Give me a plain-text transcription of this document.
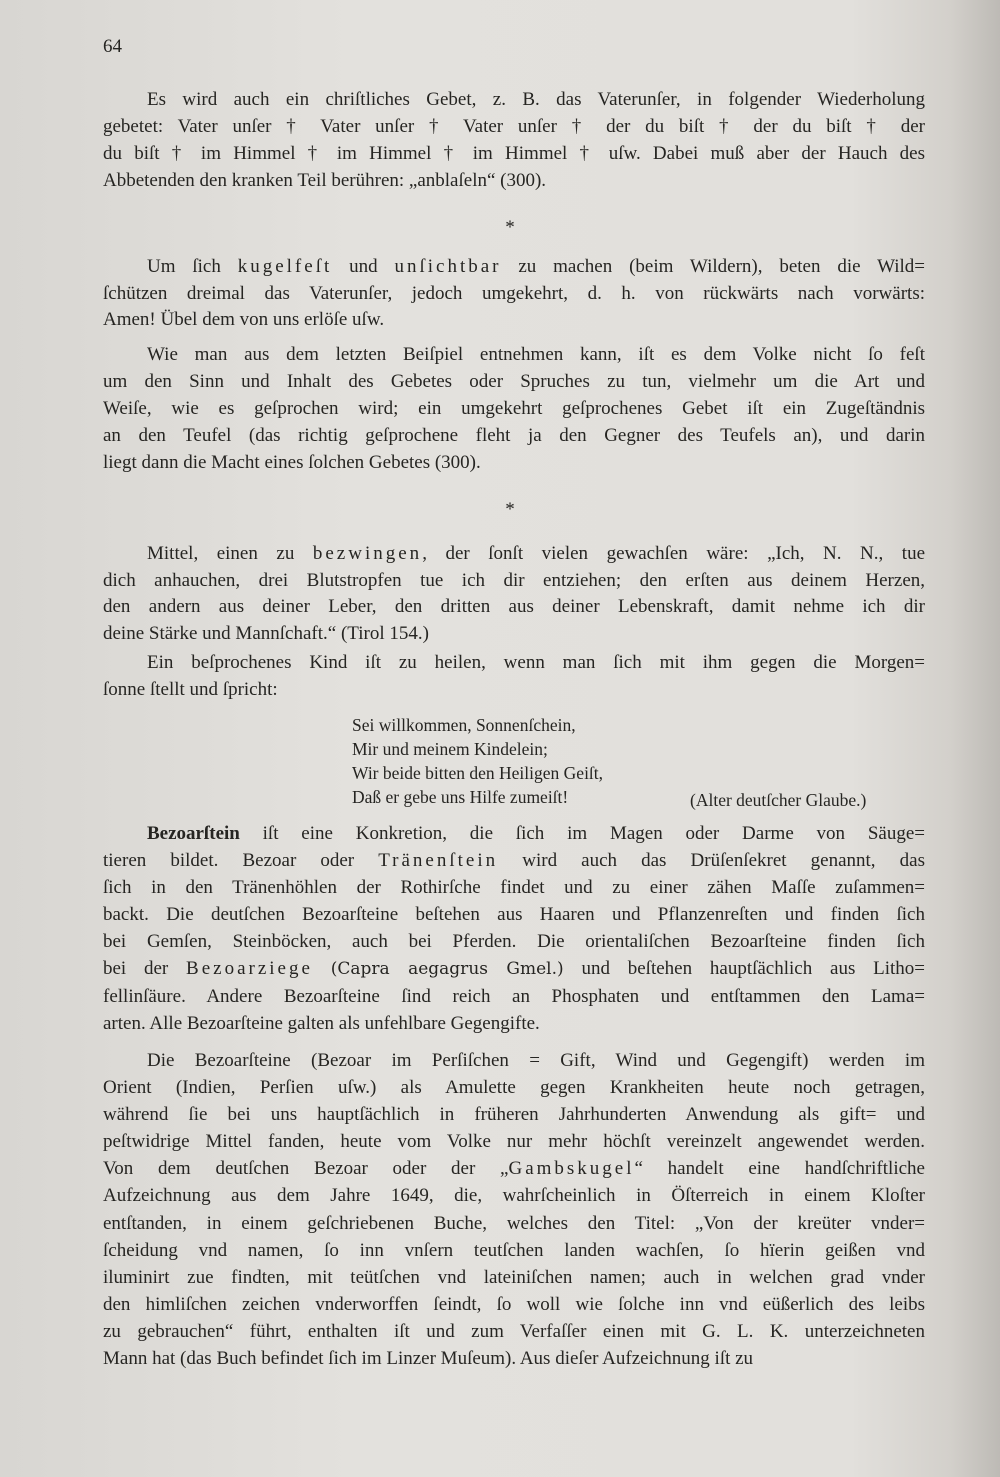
64
Es wird auch ein chriſtliches Gebet, z. B. das Vaterunſer, in folgender Wiederholung
gebetet: Vater unſer † Vater unſer † Vater unſer † der du biſt † der du biſt † der
du biſt † im Himmel † im Himmel † im Himmel † uſw. Dabei muß aber der Hauch des
Abbetenden den kranken Teil berühren: „anblaſeln“ (300).
*
Um ſich kugelfeſt und unſichtbar zu machen (beim Wildern), beten die Wild=
ſchützen dreimal das Vaterunſer, jedoch umgekehrt, d. h. von rückwärts nach vorwärts:
Amen! Übel dem von uns erlöſe uſw.
Wie man aus dem letzten Beiſpiel entnehmen kann, iſt es dem Volke nicht ſo feſt
um den Sinn und Inhalt des Gebetes oder Spruches zu tun, vielmehr um die Art und
Weiſe, wie es geſprochen wird; ein umgekehrt geſprochenes Gebet iſt ein Zugeſtändnis
an den Teufel (das richtig geſprochene fleht ja den Gegner des Teufels an), und darin
liegt dann die Macht eines ſolchen Gebetes (300).
*
Mittel, einen zu bezwingen, der ſonſt vielen gewachſen wäre: „Ich, N. N., tue
dich anhauchen, drei Blutstropfen tue ich dir entziehen; den erſten aus deinem Herzen,
den andern aus deiner Leber, den dritten aus deiner Lebenskraft, damit nehme ich dir
deine Stärke und Mannſchaft.“ (Tirol 154.)
Ein beſprochenes Kind iſt zu heilen, wenn man ſich mit ihm gegen die Morgen=
ſonne ſtellt und ſpricht:
Sei willkommen, Sonnenſchein,
Mir und meinem Kindelein;
Wir beide bitten den Heiligen Geiſt,
Daß er gebe uns Hilfe zumeiſt!	(Alter deutſcher Glaube.)
Bezoarſtein iſt eine Konkretion, die ſich im Magen oder Darme von Säuge=
tieren bildet. Bezoar oder Tränenſtein wird auch das Drüſenſekret genannt, das
ſich in den Tränenhöhlen der Rothirſche findet und zu einer zähen Maſſe zuſammen=
backt. Die deutſchen Bezoarſteine beſtehen aus Haaren und Pflanzenreſten und finden ſich
bei Gemſen, Steinböcken, auch bei Pferden. Die orientaliſchen Bezoarſteine finden ſich
bei der Bezoarziege (Capra aegagrus Gmel.) und beſtehen hauptſächlich aus Litho=
fellinſäure. Andere Bezoarſteine ſind reich an Phosphaten und entſtammen den Lama=
arten. Alle Bezoarſteine galten als unfehlbare Gegengifte.
Die Bezoarſteine (Bezoar im Perſiſchen = Gift, Wind und Gegengift) werden im
Orient (Indien, Perſien uſw.) als Amulette gegen Krankheiten heute noch getragen,
während ſie bei uns hauptſächlich in früheren Jahrhunderten Anwendung als gift= und
peſtwidrige Mittel fanden, heute vom Volke nur mehr höchſt vereinzelt angewendet werden.
Von dem deutſchen Bezoar oder der „Gambskugel“ handelt eine handſchriftliche
Aufzeichnung aus dem Jahre 1649, die, wahrſcheinlich in Öſterreich in einem Kloſter
entſtanden, in einem geſchriebenen Buche, welches den Titel: „Von der kreüter vnder=
ſcheidung vnd namen, ſo inn vnſern teutſchen landen wachſen, ſo hïerin geißen vnd
iluminirt zue findten, mit teütſchen vnd lateiniſchen namen; auch in welchen grad vnder
den himliſchen zeichen vnderworffen ſeindt, ſo woll wie ſolche inn vnd eüßerlich des leibs
zu gebrauchen“ führt, enthalten iſt und zum Verfaſſer einen mit G. L. K. unterzeichneten
Mann hat (das Buch befindet ſich im Linzer Muſeum). Aus dieſer Aufzeichnung iſt zu
